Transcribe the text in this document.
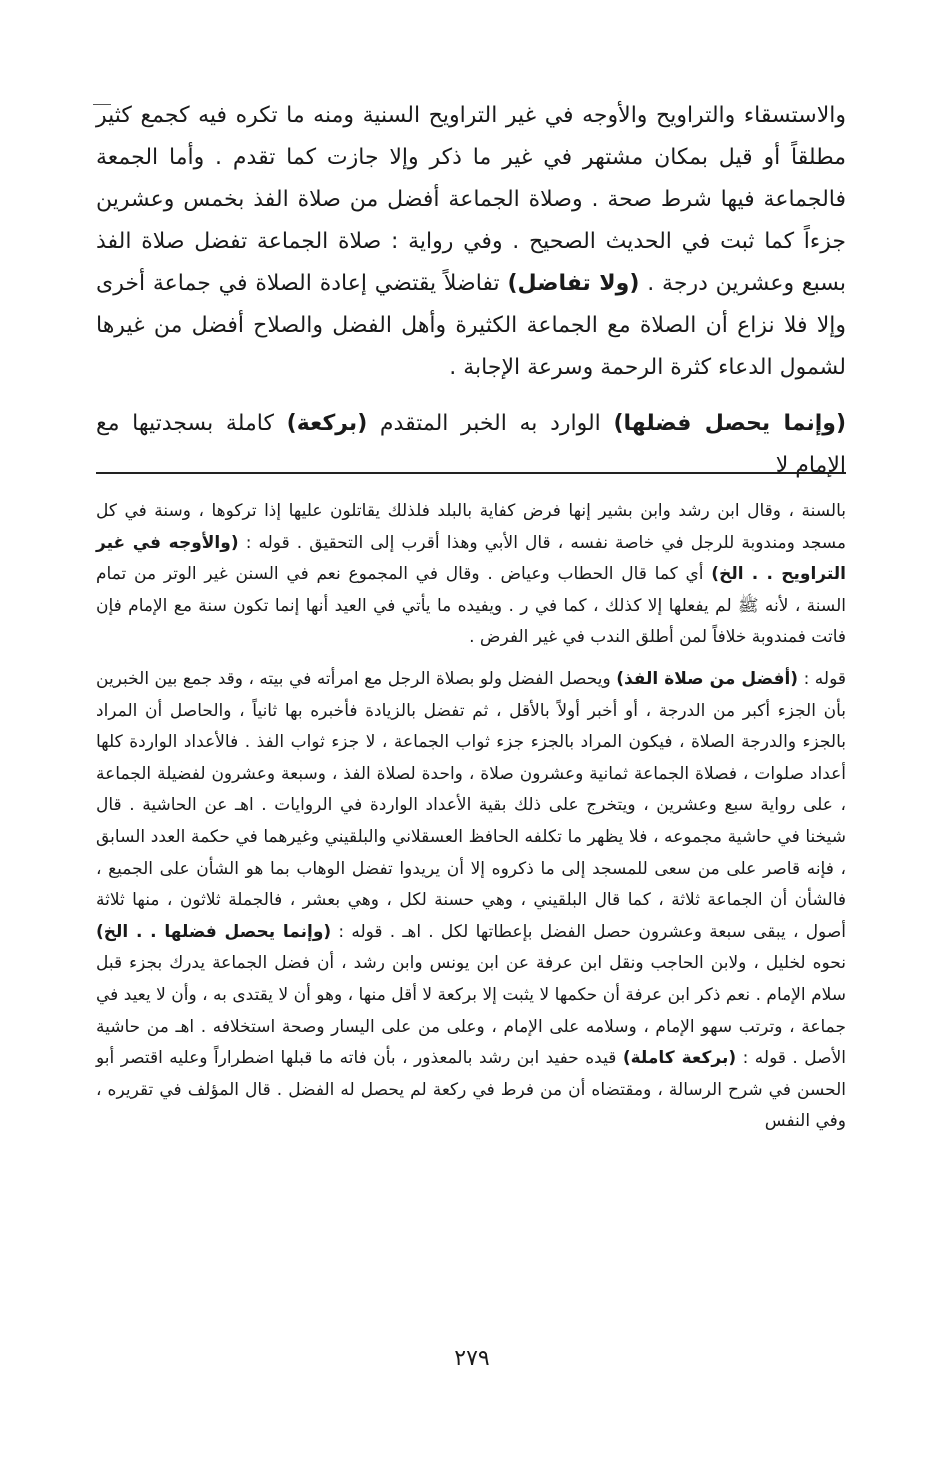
والاستسقاء والتراويح والأوجه في غير التراويح السنية ومنه ما تكره فيه كجمع كثير مطلقاً أو قيل بمكان مشتهر في غير ما ذكر وإلا جازت كما تقدم . وأما الجمعة فالجماعة فيها شرط صحة . وصلاة الجماعة أفضل من صلاة الفذ بخمس وعشرين جزءاً كما ثبت في الحديث الصحيح . وفي رواية : صلاة الجماعة تفضل صلاة الفذ بسبع وعشرين درجة . (ولا تفاضل) تفاضلاً يقتضي إعادة الصلاة في جماعة أخرى وإلا فلا نزاع أن الصلاة مع الجماعة الكثيرة وأهل الفضل والصلاح أفضل من غيرها لشمول الدعاء كثرة الرحمة وسرعة الإجابة .

(وإنما يحصل فضلها) الوارد به الخبر المتقدم (بركعة) كاملة بسجدتيها مع الإمام لا

بالسنة ، وقال ابن رشد وابن بشير إنها فرض كفاية بالبلد فلذلك يقاتلون عليها إذا تركوها ، وسنة في كل مسجد ومندوبة للرجل في خاصة نفسه ، قال الأبي وهذا أقرب إلى التحقيق . قوله : (والأوجه في غير التراويح . . الخ) أي كما قال الحطاب وعياض . وقال في المجموع نعم في السنن غير الوتر من تمام السنة ، لأنه ﷺ لم يفعلها إلا كذلك ، كما في ر . ويفيده ما يأتي في العيد أنها إنما تكون سنة مع الإمام فإن فاتت فمندوبة خلافاً لمن أطلق الندب في غير الفرض .

قوله : (أفضل من صلاة الفذ) ويحصل الفضل ولو بصلاة الرجل مع امرأته في بيته ، وقد جمع بين الخبرين بأن الجزء أكبر من الدرجة ، أو أخبر أولاً بالأقل ، ثم تفضل بالزيادة فأخبره بها ثانياً ، والحاصل أن المراد بالجزء والدرجة الصلاة ، فيكون المراد بالجزء جزء ثواب الجماعة ، لا جزء ثواب الفذ . فالأعداد الواردة كلها أعداد صلوات ، فصلاة الجماعة ثمانية وعشرون صلاة ، واحدة لصلاة الفذ ، وسبعة وعشرون لفضيلة الجماعة ، على رواية سبع وعشرين ، ويتخرج على ذلك بقية الأعداد الواردة في الروايات . اهـ عن الحاشية . قال شيخنا في حاشية مجموعه ، فلا يظهر ما تكلفه الحافظ العسقلاني والبلقيني وغيرهما في حكمة العدد السابق ، فإنه قاصر على من سعى للمسجد إلى ما ذكروه إلا أن يريدوا تفضل الوهاب بما هو الشأن على الجميع ، فالشأن أن الجماعة ثلاثة ، كما قال البلقيني ، وهي حسنة لكل ، وهي بعشر ، فالجملة ثلاثون ، منها ثلاثة أصول ، يبقى سبعة وعشرون حصل الفضل بإعطاتها لكل . اهـ . قوله : (وإنما يحصل فضلها . . الخ) نحوه لخليل ، ولابن الحاجب ونقل ابن عرفة عن ابن يونس وابن رشد ، أن فضل الجماعة يدرك بجزء قبل سلام الإمام . نعم ذكر ابن عرفة أن حكمها لا يثبت إلا بركعة لا أقل منها ، وهو أن لا يقتدى به ، وأن لا يعيد في جماعة ، وترتب سهو الإمام ، وسلامه على الإمام ، وعلى من على اليسار وصحة استخلافه . اهـ من حاشية الأصل . قوله : (بركعة كاملة) قيده حفيد ابن رشد بالمعذور ، بأن فاته ما قبلها اضطراراً وعليه اقتصر أبو الحسن في شرح الرسالة ، ومقتضاه أن من فرط في ركعة لم يحصل له الفضل . قال المؤلف في تقريره ، وفي النفس

٢٧٩
